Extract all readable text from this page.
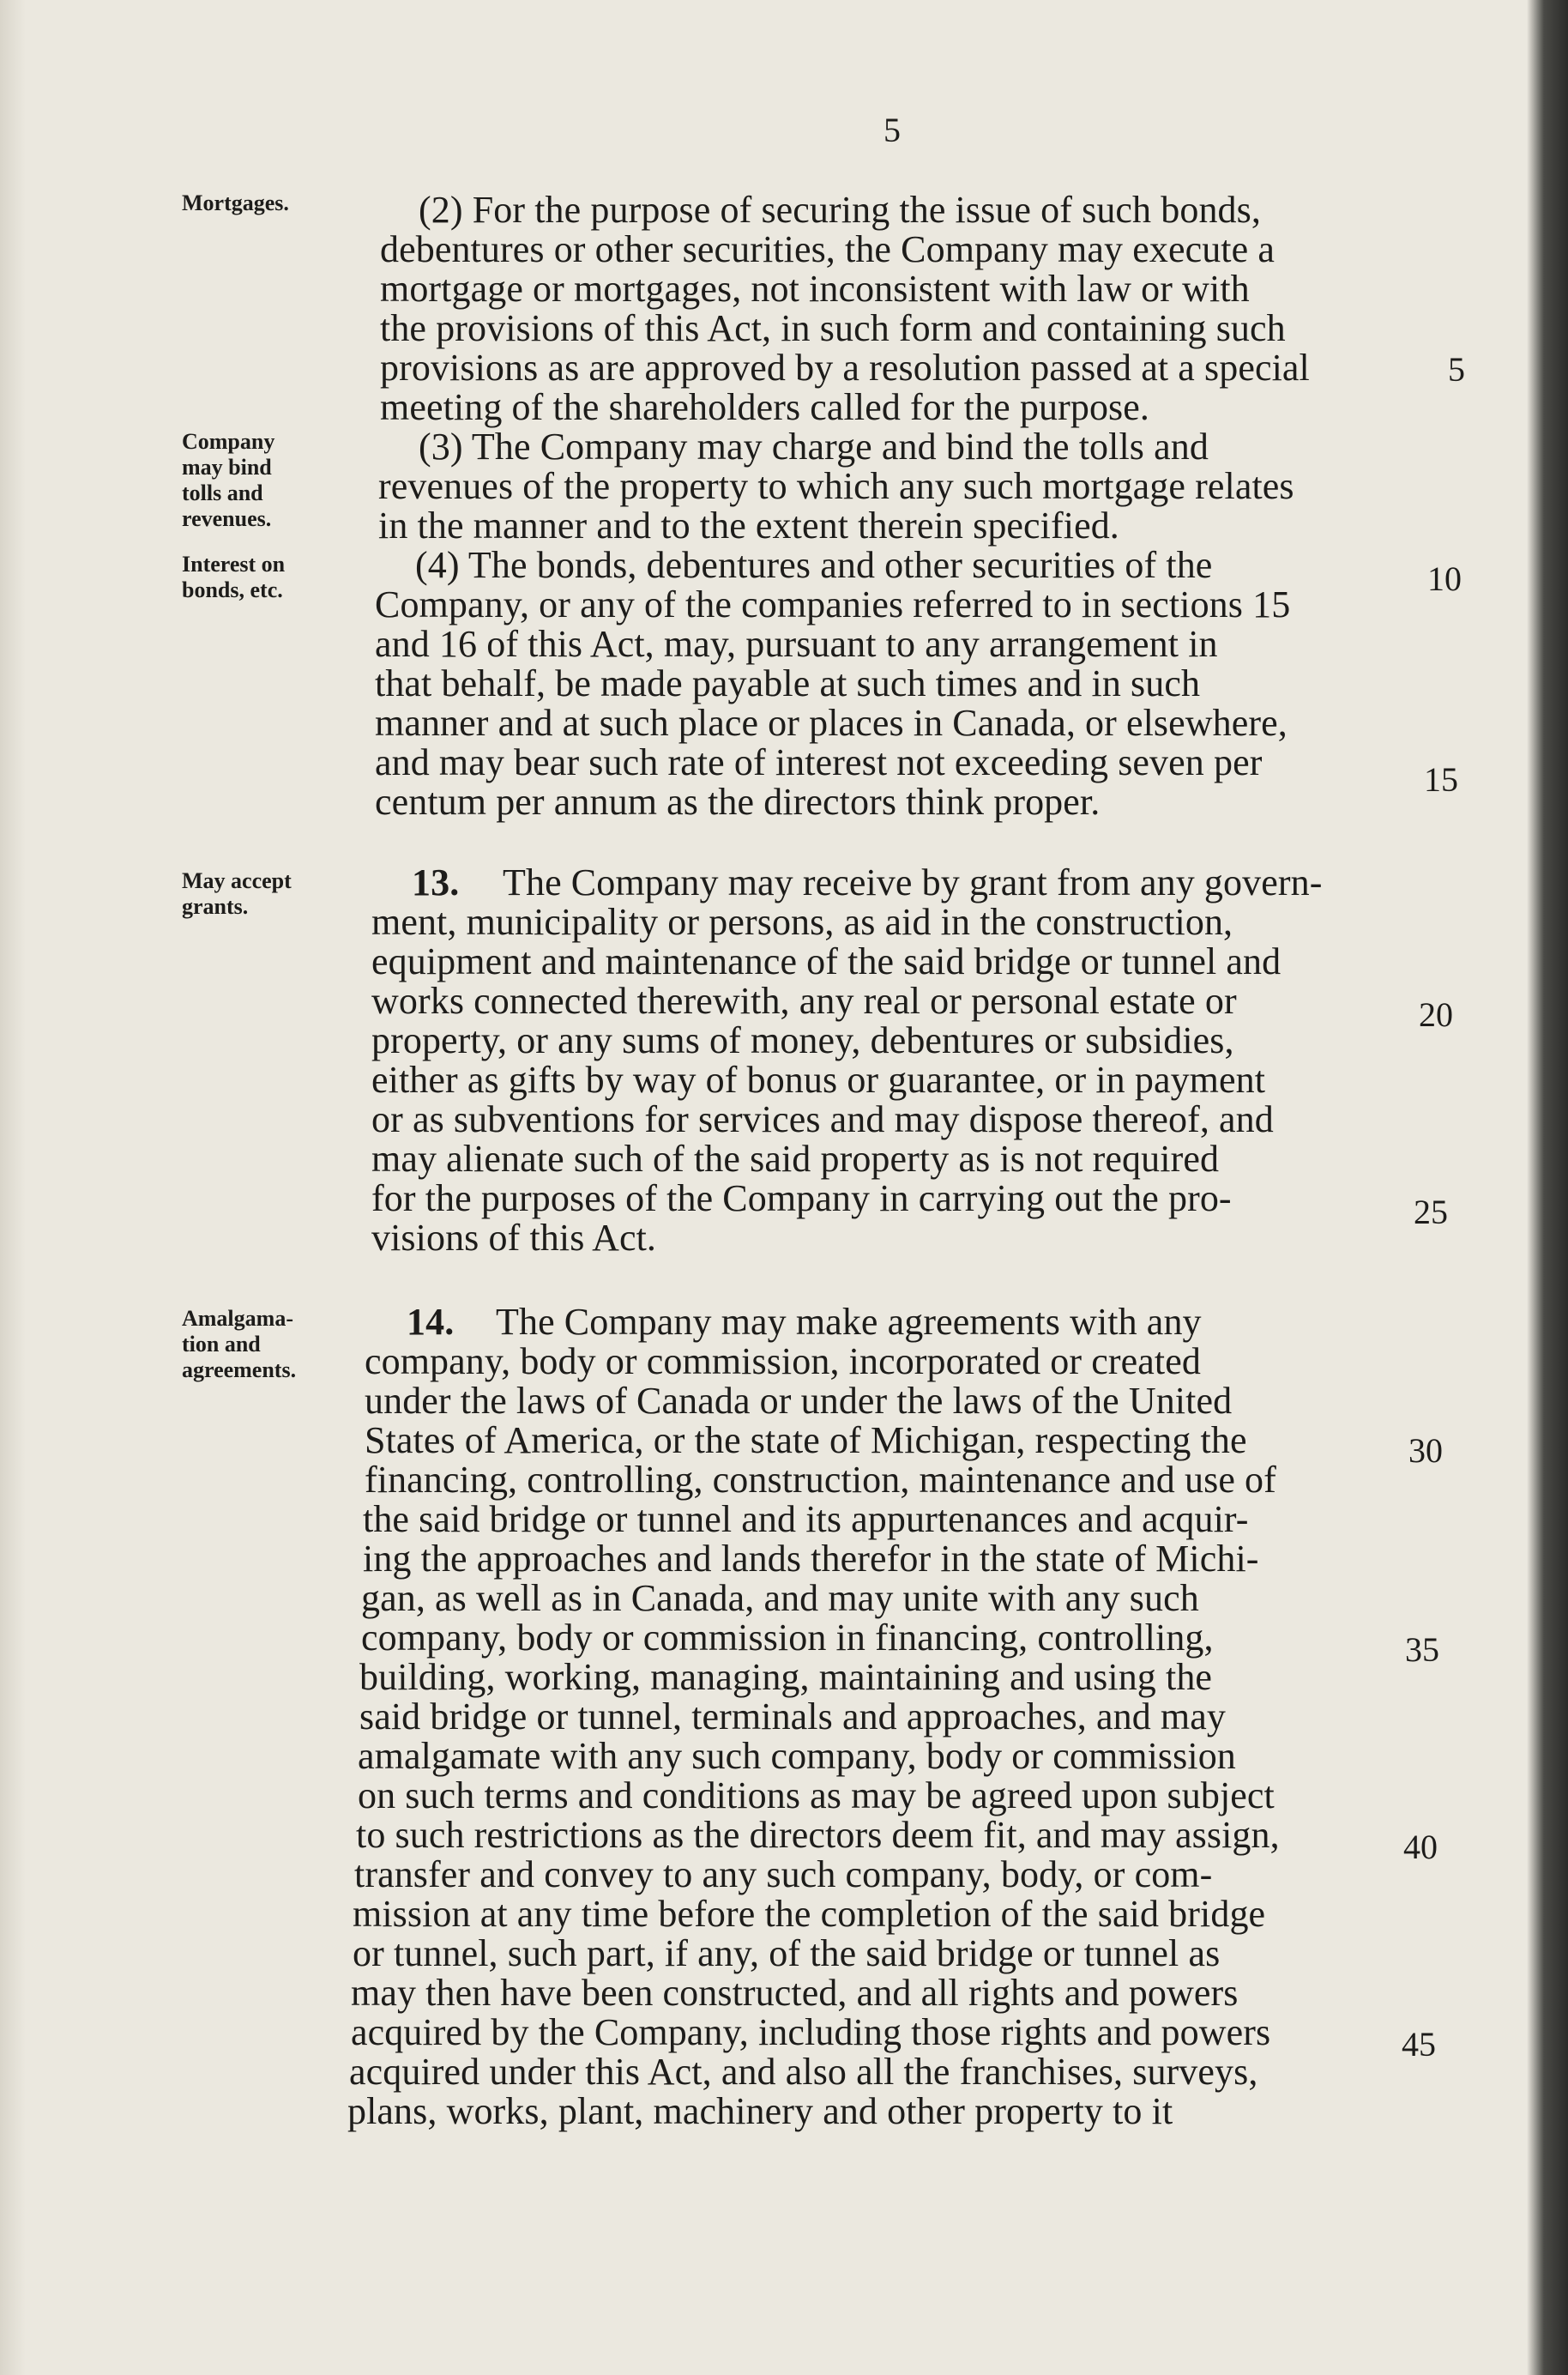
5
Mortgages.
Company
may bind
tolls and
revenues.
Interest on
bonds, etc.
May accept
grants.
Amalgama-
tion and
agreements.
(2) For the purpose of securing the issue of such bonds,
debentures or other securities, the Company may execute a
mortgage or mortgages, not inconsistent with law or with
the provisions of this Act, in such form and containing such
provisions as are approved by a resolution passed at a special
meeting of the shareholders called for the purpose.
(3) The Company may charge and bind the tolls and
revenues of the property to which any such mortgage relates
in the manner and to the extent therein specified.
(4) The bonds, debentures and other securities of the
Company, or any of the companies referred to in sections 15
and 16 of this Act, may, pursuant to any arrangement in
that behalf, be made payable at such times and in such
manner and at such place or places in Canada, or elsewhere,
and may bear such rate of interest not exceeding seven per
centum per annum as the directors think proper.
13. The Company may receive by grant from any govern-
ment, municipality or persons, as aid in the construction,
equipment and maintenance of the said bridge or tunnel and
works connected therewith, any real or personal estate or
property, or any sums of money, debentures or subsidies,
either as gifts by way of bonus or guarantee, or in payment
or as subventions for services and may dispose thereof, and
may alienate such of the said property as is not required
for the purposes of the Company in carrying out the pro-
visions of this Act.
14. The Company may make agreements with any
company, body or commission, incorporated or created
under the laws of Canada or under the laws of the United
States of America, or the state of Michigan, respecting the
financing, controlling, construction, maintenance and use of
the said bridge or tunnel and its appurtenances and acquir-
ing the approaches and lands therefor in the state of Michi-
gan, as well as in Canada, and may unite with any such
company, body or commission in financing, controlling,
building, working, managing, maintaining and using the
said bridge or tunnel, terminals and approaches, and may
amalgamate with any such company, body or commission
on such terms and conditions as may be agreed upon subject
to such restrictions as the directors deem fit, and may assign,
transfer and convey to any such company, body, or com-
mission at any time before the completion of the said bridge
or tunnel, such part, if any, of the said bridge or tunnel as
may then have been constructed, and all rights and powers
acquired by the Company, including those rights and powers
acquired under this Act, and also all the franchises, surveys,
plans, works, plant, machinery and other property to it
5
10
15
20
25
30
35
40
45
